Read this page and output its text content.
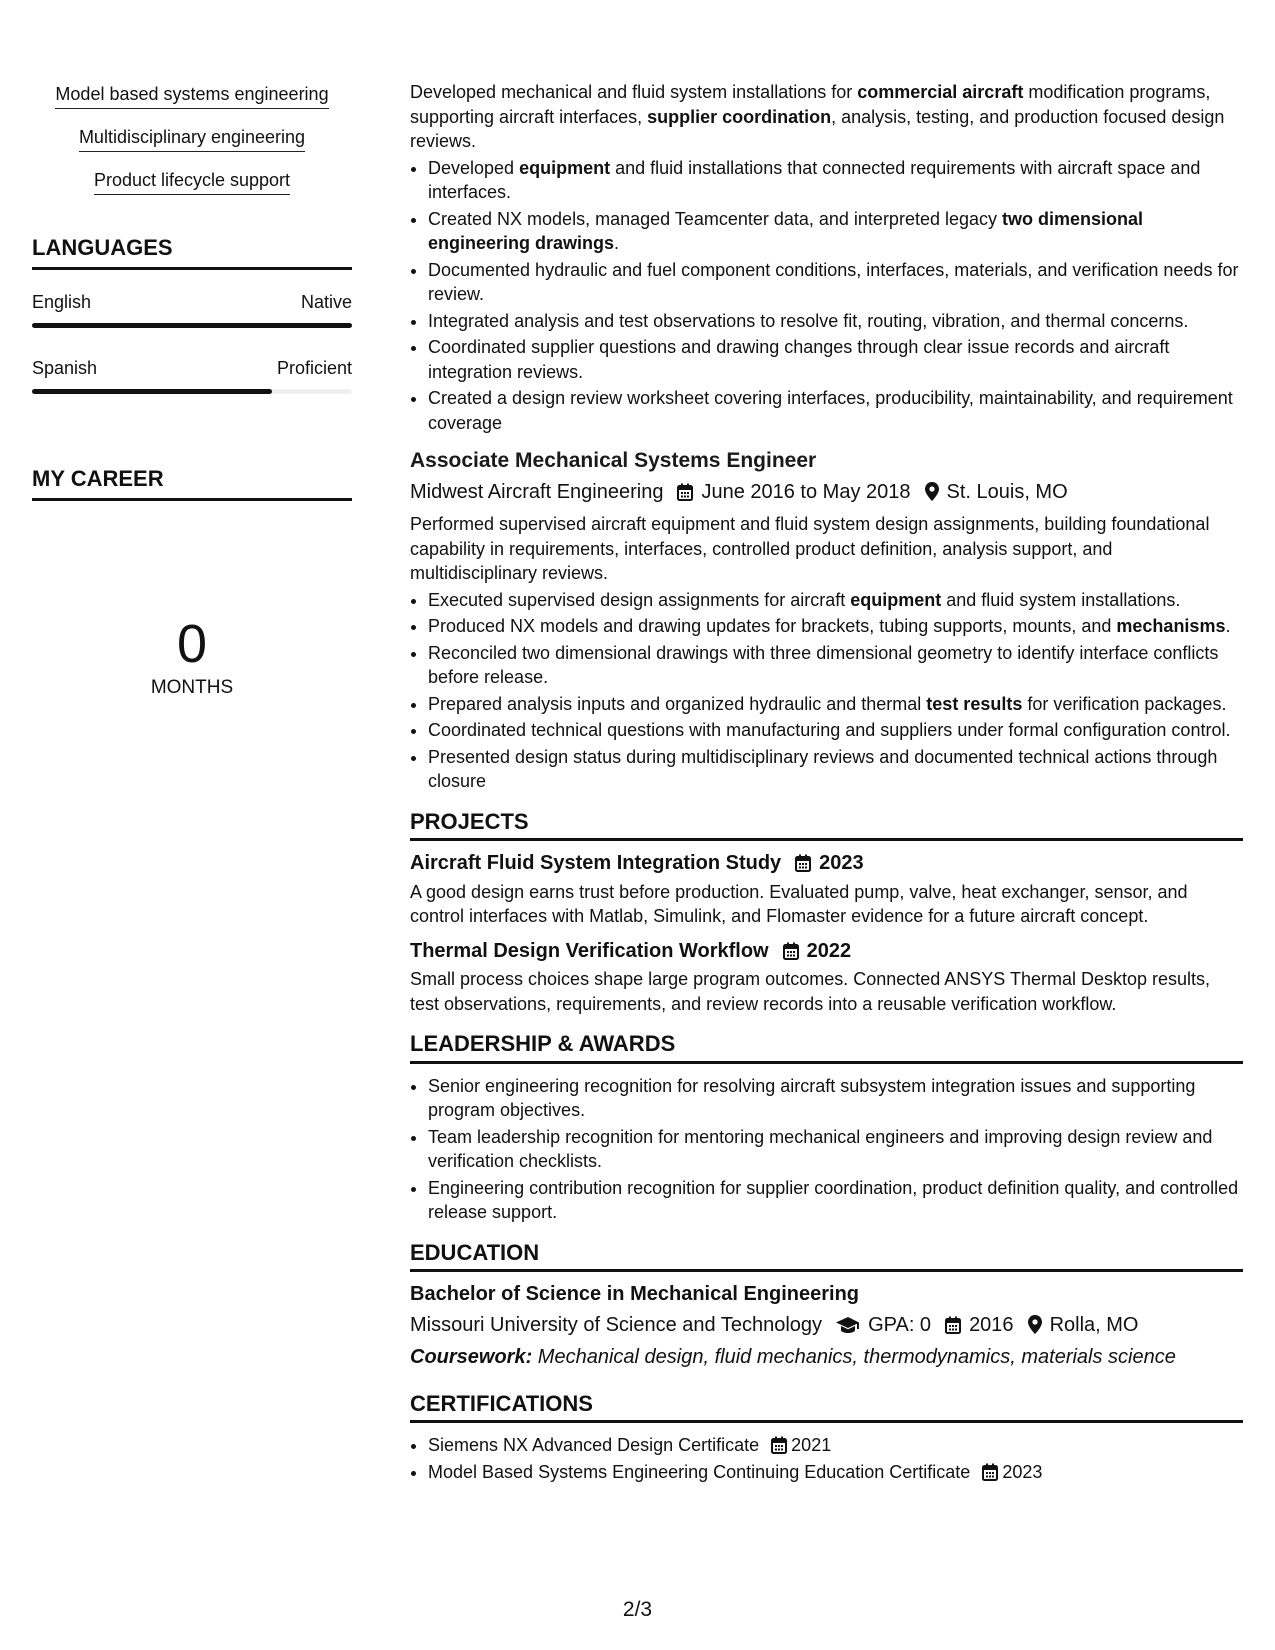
Model based systems engineering
Multidisciplinary engineering
Product lifecycle support
LANGUAGES
English	Native
Spanish	Proficient
MY CAREER
0
MONTHS

Developed mechanical and fluid system installations for commercial aircraft modification programs, supporting aircraft interfaces, supplier coordination, analysis, testing, and production focused design reviews.

• Developed equipment and fluid installations that connected requirements with aircraft space and interfaces.
• Created NX models, managed Teamcenter data, and interpreted legacy two dimensional engineering drawings.
• Documented hydraulic and fuel component conditions, interfaces, materials, and verification needs for review.
• Integrated analysis and test observations to resolve fit, routing, vibration, and thermal concerns.
• Coordinated supplier questions and drawing changes through clear issue records and aircraft integration reviews.
• Created a design review worksheet covering interfaces, producibility, maintainability, and requirement coverage
Associate Mechanical Systems Engineer
Midwest Aircraft Engineering June 2016 to May 2018 St. Louis, MO

Performed supervised aircraft equipment and fluid system design assignments, building foundational capability in requirements, interfaces, controlled product definition, analysis support, and multidisciplinary reviews.

• Executed supervised design assignments for aircraft equipment and fluid system installations.
• Produced NX models and drawing updates for brackets, tubing supports, mounts, and mechanisms.
• Reconciled two dimensional drawings with three dimensional geometry to identify interface conflicts before release.
• Prepared analysis inputs and organized hydraulic and thermal test results for verification packages.
• Coordinated technical questions with manufacturing and suppliers under formal configuration control.
• Presented design status during multidisciplinary reviews and documented technical actions through closure
PROJECTS
Aircraft Fluid System Integration Study 2023

A good design earns trust before production. Evaluated pump, valve, heat exchanger, sensor, and control interfaces with Matlab, Simulink, and Flomaster evidence for a future aircraft concept.

Thermal Design Verification Workflow 2022

Small process choices shape large program outcomes. Connected ANSYS Thermal Desktop results, test observations, requirements, and review records into a reusable verification workflow.

LEADERSHIP & AWARDS
• Senior engineering recognition for resolving aircraft subsystem integration issues and supporting program objectives.
• Team leadership recognition for mentoring mechanical engineers and improving design review and verification checklists.
• Engineering contribution recognition for supplier coordination, product definition quality, and controlled release support.
EDUCATION
Bachelor of Science in Mechanical Engineering
Missouri University of Science and Technology GPA: 0 2016 Rolla, MO
Coursework: Mechanical design, fluid mechanics, thermodynamics, materials science
CERTIFICATIONS
• Siemens NX Advanced Design Certificate 2021
• Model Based Systems Engineering Continuing Education Certificate 2023
2/3
